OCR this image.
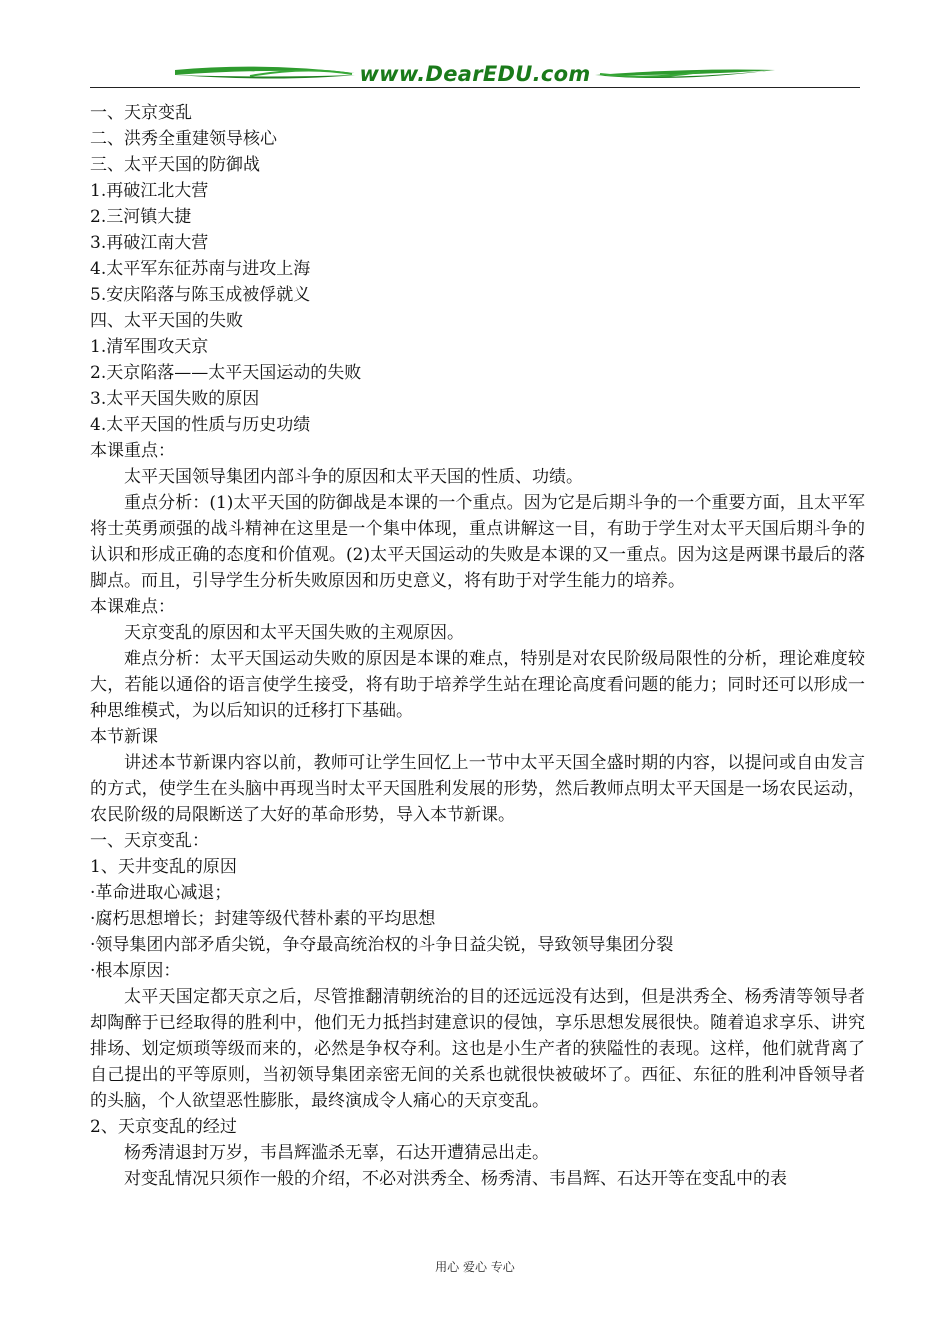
www.DearEDU.com

一、天京变乱

二、洪秀全重建领导核心

三、太平天国的防御战

1.再破江北大营

2.三河镇大捷

3.再破江南大营

4.太平军东征苏南与进攻上海

5.安庆陷落与陈玉成被俘就义

四、太平天国的失败

1.清军围攻天京

2.天京陷落——太平天国运动的失败

3.太平天国失败的原因

4.太平天国的性质与历史功绩

本课重点：

太平天国领导集团内部斗争的原因和太平天国的性质、功绩。

重点分析：(1)太平天国的防御战是本课的一个重点。因为它是后期斗争的一个重要方面，且太平军将士英勇顽强的战斗精神在这里是一个集中体现，重点讲解这一目，有助于学生对太平天国后期斗争的认识和形成正确的态度和价值观。(2)太平天国运动的失败是本课的又一重点。因为这是两课书最后的落脚点。而且，引导学生分析失败原因和历史意义，将有助于对学生能力的培养。

本课难点：

天京变乱的原因和太平天国失败的主观原因。

难点分析：太平天国运动失败的原因是本课的难点，特别是对农民阶级局限性的分析，理论难度较大，若能以通俗的语言使学生接受，将有助于培养学生站在理论高度看问题的能力；同时还可以形成一种思维模式，为以后知识的迁移打下基础。

本节新课

讲述本节新课内容以前，教师可让学生回忆上一节中太平天国全盛时期的内容，以提问或自由发言的方式，使学生在头脑中再现当时太平天国胜利发展的形势，然后教师点明太平天国是一场农民运动，农民阶级的局限断送了大好的革命形势，导入本节新课。

一、天京变乱：

1、天井变乱的原因

·革命进取心减退；

·腐朽思想增长；封建等级代替朴素的平均思想

·领导集团内部矛盾尖锐，争夺最高统治权的斗争日益尖锐，导致领导集团分裂

·根本原因：

太平天国定都天京之后，尽管推翻清朝统治的目的还远远没有达到，但是洪秀全、杨秀清等领导者却陶醉于已经取得的胜利中，他们无力抵挡封建意识的侵蚀，享乐思想发展很快。随着追求享乐、讲究排场、划定烦琐等级而来的，必然是争权夺利。这也是小生产者的狭隘性的表现。这样，他们就背离了自己提出的平等原则，当初领导集团亲密无间的关系也就很快被破坏了。西征、东征的胜利冲昏领导者的头脑，个人欲望恶性膨胀，最终演成令人痛心的天京变乱。

2、天京变乱的经过

杨秀清退封万岁，韦昌辉滥杀无辜，石达开遭猜忌出走。

对变乱情况只须作一般的介绍，不必对洪秀全、杨秀清、韦昌辉、石达开等在变乱中的表

用心 爱心 专心
